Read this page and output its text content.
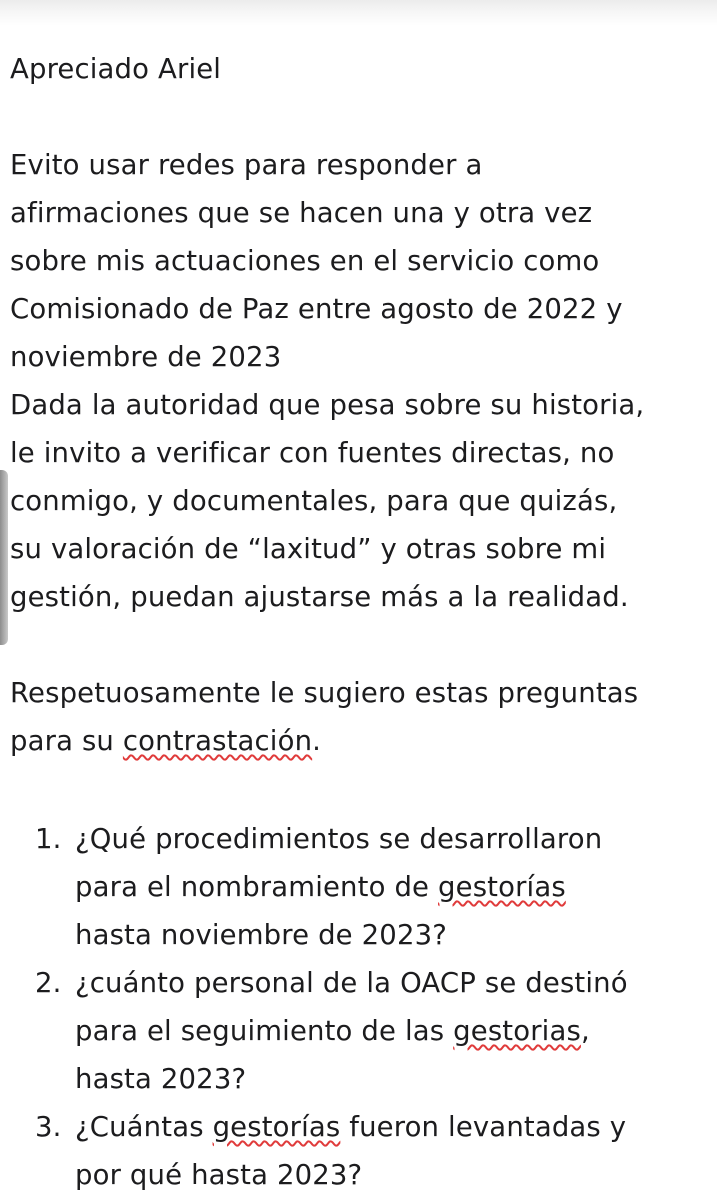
Apreciado Ariel
Evito usar redes para responder a
afirmaciones que se hacen una y otra vez
sobre mis actuaciones en el servicio como
Comisionado de Paz entre agosto de 2022 y
noviembre de 2023
Dada la autoridad que pesa sobre su historia,
le invito a verificar con fuentes directas, no
conmigo, y documentales, para que quizás,
su valoración de “laxitud” y otras sobre mi
gestión, puedan ajustarse más a la realidad.
Respetuosamente le sugiero estas preguntas
para su contrastación.
1. ¿Qué procedimientos se desarrollaron
para el nombramiento de gestorías
hasta noviembre de 2023?
2. ¿cuánto personal de la OACP se destinó
para el seguimiento de las gestorias,
hasta 2023?
3. ¿Cuántas gestorías fueron levantadas y
por qué hasta 2023?
